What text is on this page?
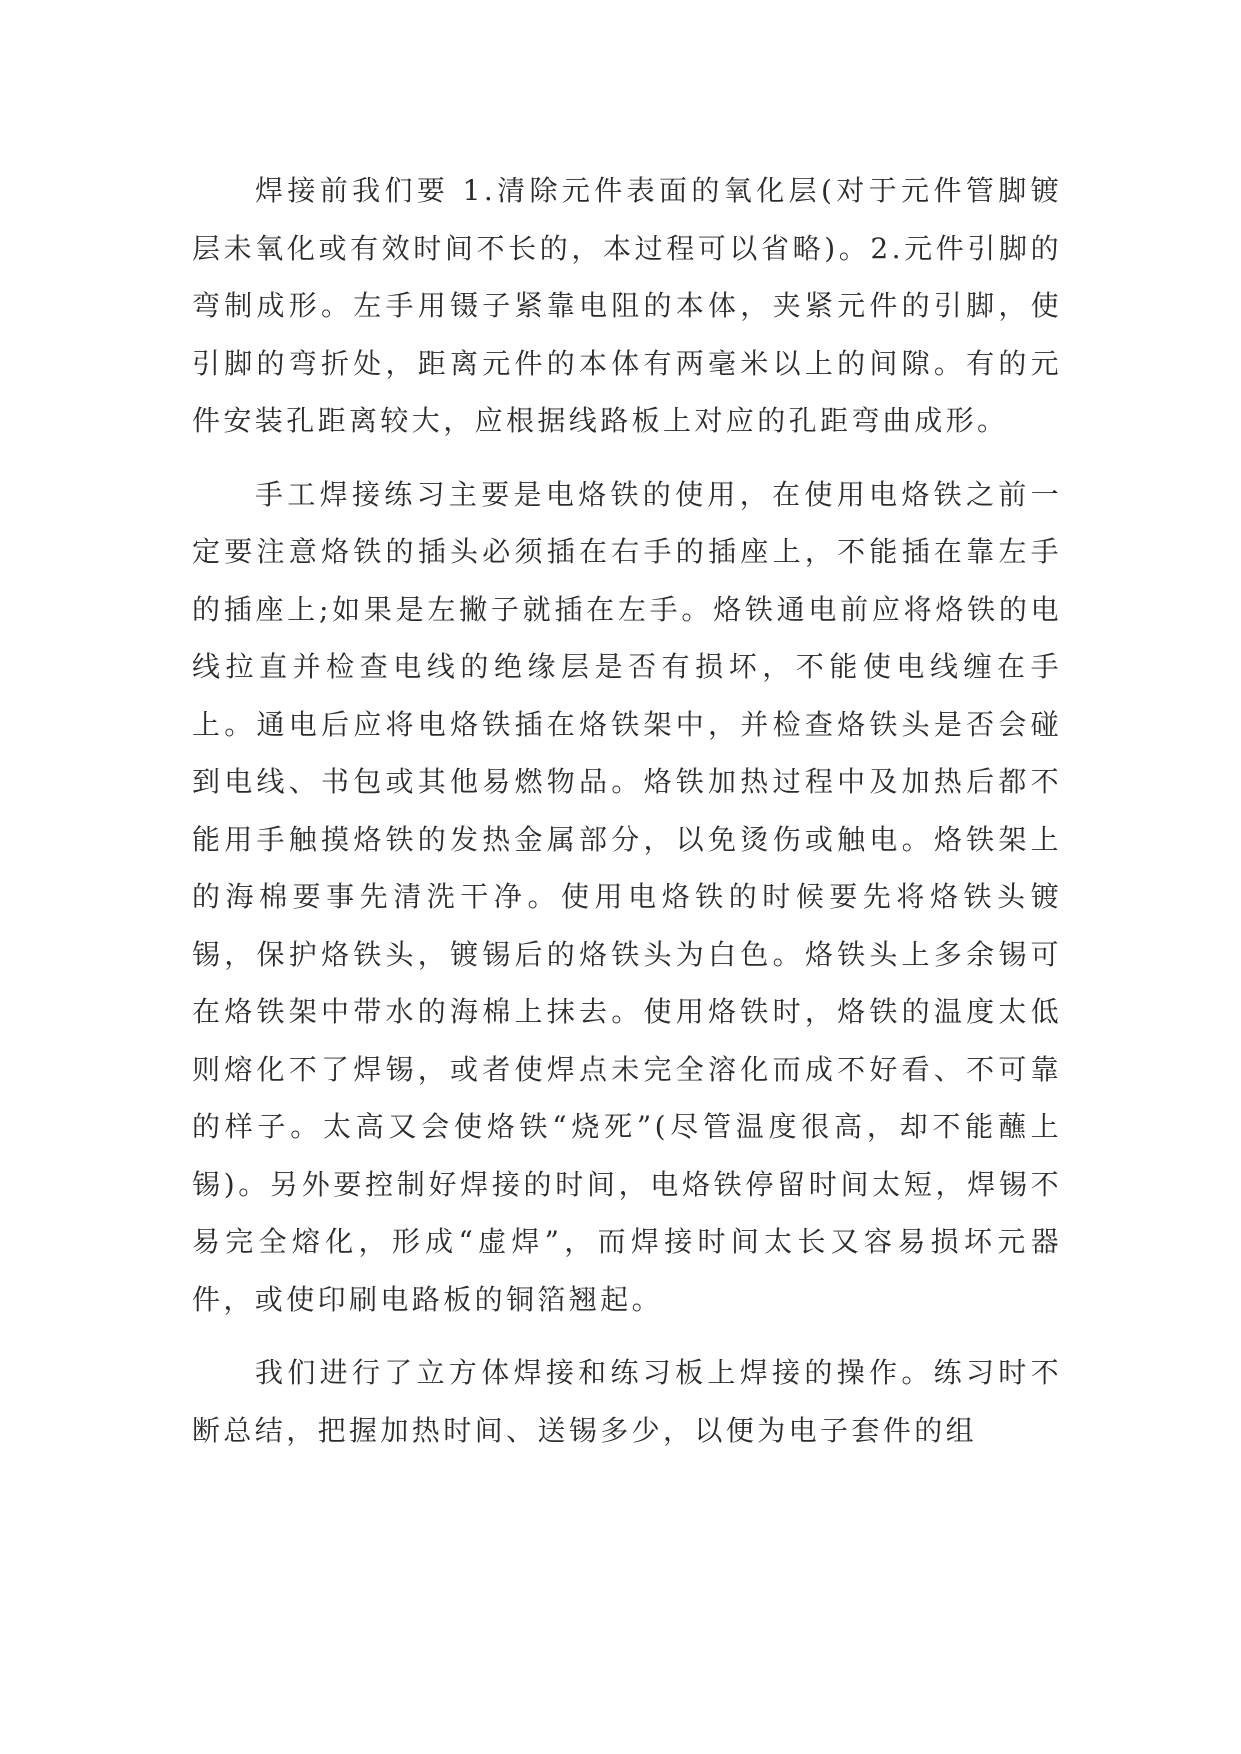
焊接前我们要 1.清除元件表面的氧化层(对于元件管脚镀层未氧化或有效时间不长的，本过程可以省略)。2.元件引脚的弯制成形。左手用镊子紧靠电阻的本体，夹紧元件的引脚，使引脚的弯折处，距离元件的本体有两毫米以上的间隙。有的元件安装孔距离较大，应根据线路板上对应的孔距弯曲成形。

手工焊接练习主要是电烙铁的使用，在使用电烙铁之前一定要注意烙铁的插头必须插在右手的插座上，不能插在靠左手的插座上;如果是左撇子就插在左手。烙铁通电前应将烙铁的电线拉直并检查电线的绝缘层是否有损坏，不能使电线缠在手上。通电后应将电烙铁插在烙铁架中，并检查烙铁头是否会碰到电线、书包或其他易燃物品。烙铁加热过程中及加热后都不能用手触摸烙铁的发热金属部分，以免烫伤或触电。烙铁架上的海棉要事先清洗干净。使用电烙铁的时候要先将烙铁头镀锡，保护烙铁头，镀锡后的烙铁头为白色。烙铁头上多余锡可在烙铁架中带水的海棉上抹去。使用烙铁时，烙铁的温度太低则熔化不了焊锡，或者使焊点未完全溶化而成不好看、不可靠的样子。太高又会使烙铁“烧死”(尽管温度很高，却不能蘸上锡)。另外要控制好焊接的时间，电烙铁停留时间太短，焊锡不易完全熔化，形成“虚焊”，而焊接时间太长又容易损坏元器件，或使印刷电路板的铜箔翘起。

我们进行了立方体焊接和练习板上焊接的操作。练习时不断总结，把握加热时间、送锡多少，以便为电子套件的组
